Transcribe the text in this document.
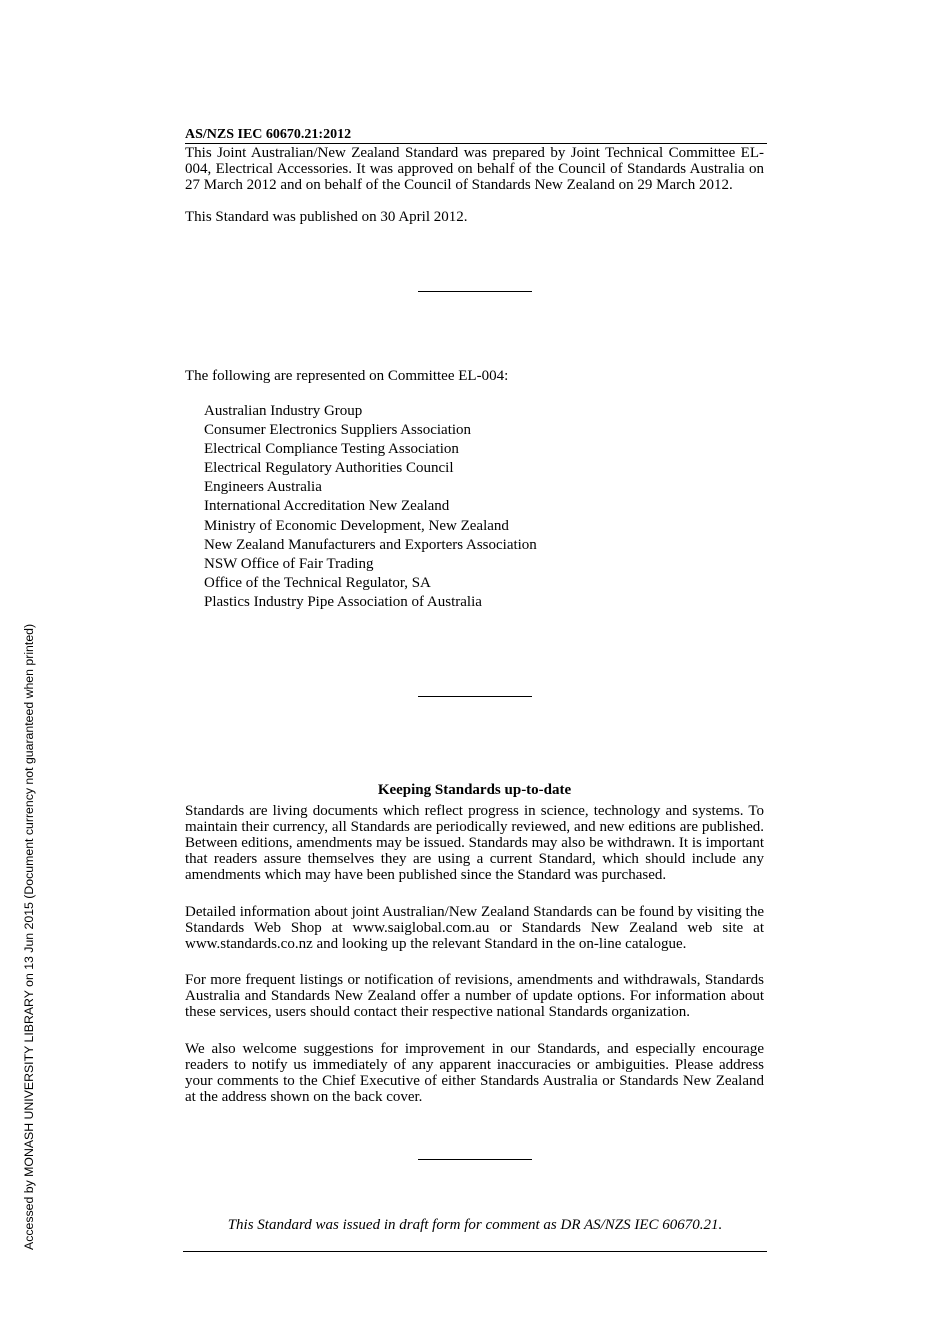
Accessed by MONASH UNIVERSITY LIBRARY on 13 Jun 2015 (Document currency not guaranteed when printed)
AS/NZS IEC 60670.21:2012

This Joint Australian/New Zealand Standard was prepared by Joint Technical Committee EL-004, Electrical Accessories. It was approved on behalf of the Council of Standards Australia on 27 March 2012 and on behalf of the Council of Standards New Zealand on 29 March 2012.

This Standard was published on 30 April 2012.

The following are represented on Committee EL-004:

Australian Industry Group
Consumer Electronics Suppliers Association
Electrical Compliance Testing Association
Electrical Regulatory Authorities Council
Engineers Australia
International Accreditation New Zealand
Ministry of Economic Development, New Zealand
New Zealand Manufacturers and Exporters Association
NSW Office of Fair Trading
Office of the Technical Regulator, SA
Plastics Industry Pipe Association of Australia
Keeping Standards up-to-date

Standards are living documents which reflect progress in science, technology and systems. To maintain their currency, all Standards are periodically reviewed, and new editions are published. Between editions, amendments may be issued. Standards may also be withdrawn. It is important that readers assure themselves they are using a current Standard, which should include any amendments which may have been published since the Standard was purchased.

Detailed information about joint Australian/New Zealand Standards can be found by visiting the Standards Web Shop at www.saiglobal.com.au or Standards New Zealand web site at www.standards.co.nz and looking up the relevant Standard in the on-line catalogue.

For more frequent listings or notification of revisions, amendments and withdrawals, Standards Australia and Standards New Zealand offer a number of update options. For information about these services, users should contact their respective national Standards organization.

We also welcome suggestions for improvement in our Standards, and especially encourage readers to notify us immediately of any apparent inaccuracies or ambiguities. Please address your comments to the Chief Executive of either Standards Australia or Standards New Zealand at the address shown on the back cover.

This Standard was issued in draft form for comment as DR AS/NZS IEC 60670.21.
